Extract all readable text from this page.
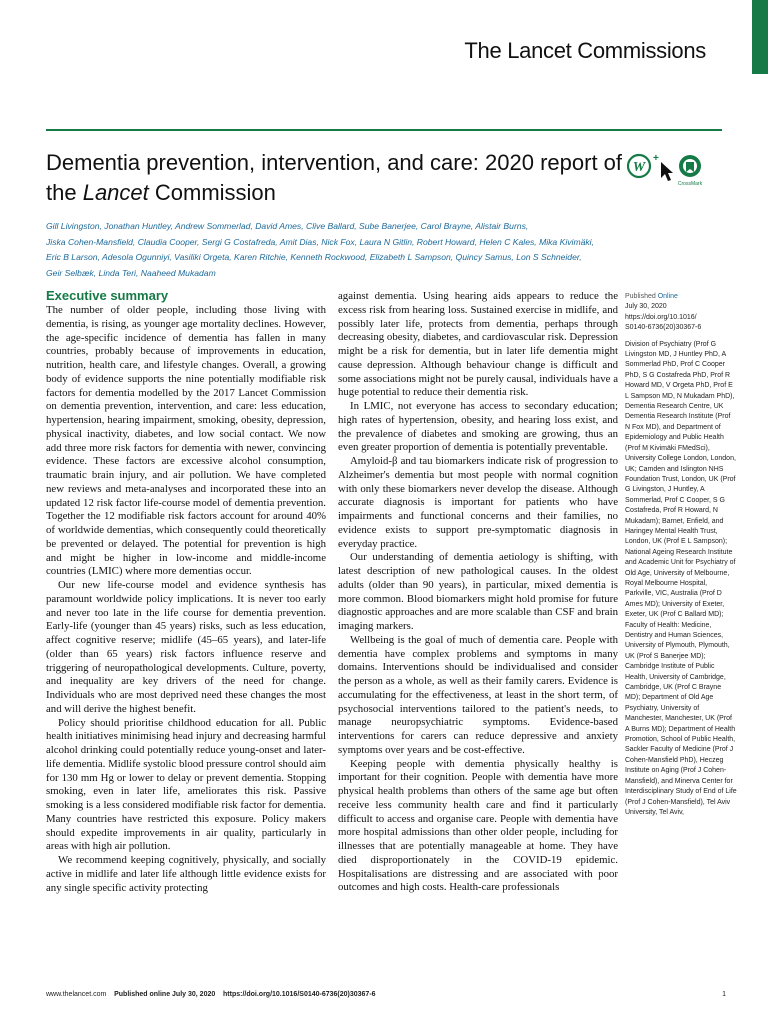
The Lancet Commissions
Dementia prevention, intervention, and care: 2020 report of the Lancet Commission
W
+
CrossMark
Gill Livingston, Jonathan Huntley, Andrew Sommerlad, David Ames, Clive Ballard, Sube Banerjee, Carol Brayne, Alistair Burns,
Jiska Cohen-Mansfield, Claudia Cooper, Sergi G Costafreda, Amit Dias, Nick Fox, Laura N Gitlin, Robert Howard, Helen C Kales, Mika Kivimäki,
Eric B Larson, Adesola Ogunniyi, Vasiliki Orgeta, Karen Ritchie, Kenneth Rockwood, Elizabeth L Sampson, Quincy Samus, Lon S Schneider,
Geir Selbæk, Linda Teri, Naaheed Mukadam
Executive summary

The number of older people, including those living with dementia, is rising, as younger age mortality declines. However, the age-specific incidence of dementia has fallen in many countries, probably because of improvements in education, nutrition, health care, and lifestyle changes. Overall, a growing body of evidence supports the nine potentially modifiable risk factors for dementia modelled by the 2017 Lancet Commission on dementia prevention, intervention, and care: less education, hypertension, hearing impairment, smoking, obesity, depression, physical inactivity, diabetes, and low social contact. We now add three more risk factors for dementia with newer, convincing evidence. These factors are excessive alcohol consumption, traumatic brain injury, and air pollution. We have completed new reviews and meta-analyses and incorporated these into an updated 12 risk factor life-course model of dementia prevention. Together the 12 modifiable risk factors account for around 40% of worldwide dementias, which consequently could theoretically be prevented or delayed. The potential for prevention is high and might be higher in low-income and middle-income countries (LMIC) where more dementias occur.

Our new life-course model and evidence synthesis has paramount worldwide policy implications. It is never too early and never too late in the life course for dementia prevention. Early-life (younger than 45 years) risks, such as less education, affect cognitive reserve; midlife (45–65 years), and later-life (older than 65 years) risk factors influence reserve and triggering of neuropathological developments. Culture, poverty, and inequality are key drivers of the need for change. Individuals who are most deprived need these changes the most and will derive the highest benefit.

Policy should prioritise childhood education for all. Public health initiatives minimising head injury and decreasing harmful alcohol drinking could potentially reduce young-onset and later-life dementia. Midlife systolic blood pressure control should aim for 130 mm Hg or lower to delay or prevent dementia. Stopping smoking, even in later life, ameliorates this risk. Passive smoking is a less considered modifiable risk factor for dementia. Many countries have restricted this exposure. Policy makers should expedite improvements in air quality, particularly in areas with high air pollution.

We recommend keeping cognitively, physically, and socially active in midlife and later life although little evidence exists for any single specific activity protecting

against dementia. Using hearing aids appears to reduce the excess risk from hearing loss. Sustained exercise in midlife, and possibly later life, protects from dementia, perhaps through decreasing obesity, diabetes, and cardiovascular risk. Depression might be a risk for dementia, but in later life dementia might cause depression. Although behaviour change is difficult and some associations might not be purely causal, individuals have a huge potential to reduce their dementia risk.

In LMIC, not everyone has access to secondary education; high rates of hypertension, obesity, and hearing loss exist, and the prevalence of diabetes and smoking are growing, thus an even greater proportion of dementia is potentially preventable.

Amyloid-β and tau biomarkers indicate risk of progression to Alzheimer's dementia but most people with normal cognition with only these biomarkers never develop the disease. Although accurate diagnosis is important for patients who have impairments and functional concerns and their families, no evidence exists to support pre-symptomatic diagnosis in everyday practice.

Our understanding of dementia aetiology is shifting, with latest description of new pathological causes. In the oldest adults (older than 90 years), in particular, mixed dementia is more common. Blood biomarkers might hold promise for future diagnostic approaches and are more scalable than CSF and brain imaging markers.

Wellbeing is the goal of much of dementia care. People with dementia have complex problems and symptoms in many domains. Interventions should be individualised and consider the person as a whole, as well as their family carers. Evidence is accumulating for the effectiveness, at least in the short term, of psychosocial interventions tailored to the patient's needs, to manage neuropsychiatric symptoms. Evidence-based interventions for carers can reduce depressive and anxiety symptoms over years and be cost-effective.

Keeping people with dementia physically healthy is important for their cognition. People with dementia have more physical health problems than others of the same age but often receive less community health care and find it particularly difficult to access and organise care. People with dementia have more hospital admissions than other older people, including for illnesses that are potentially manageable at home. They have died disproportionately in the COVID-19 epidemic. Hospitalisations are distressing and are associated with poor outcomes and high costs. Health-care professionals

Published Online
July 30, 2020
https://doi.org/10.1016/
S0140-6736(20)30367-6
Division of Psychiatry (Prof G Livingston MD, J Huntley PhD, A Sommerlad PhD, Prof C Cooper PhD, S G Costafreda PhD, Prof R Howard MD, V Orgeta PhD, Prof E L Sampson MD, N Mukadam PhD), Dementia Research Centre, UK Dementia Research Institute (Prof N Fox MD), and Department of Epidemiology and Public Health (Prof M Kivimäki FMedSci), University College London, London, UK; Camden and Islington NHS Foundation Trust, London, UK (Prof G Livingston, J Huntley, A Sommerlad, Prof C Cooper, S G Costafreda, Prof R Howard, N Mukadam); Barnet, Enfield, and Haringey Mental Health Trust, London, UK (Prof E L Sampson); National Ageing Research Institute and Academic Unit for Psychiatry of Old Age, University of Melbourne, Royal Melbourne Hospital, Parkville, VIC, Australia (Prof D Ames MD); University of Exeter, Exeter, UK (Prof C Ballard MD); Faculty of Health: Medicine, Dentistry and Human Sciences, University of Plymouth, Plymouth, UK (Prof S Banerjee MD); Cambridge Institute of Public Health, University of Cambridge, Cambridge, UK (Prof C Brayne MD); Department of Old Age Psychiatry, University of Manchester, Manchester, UK (Prof A Burns MD); Department of Health Promotion, School of Public Health, Sackler Faculty of Medicine (Prof J Cohen-Mansfield PhD), Heczeg Institute on Aging (Prof J Cohen-Mansfield), and Minerva Center for Interdisciplinary Study of End of Life (Prof J Cohen-Mansfield), Tel Aviv University, Tel Aviv,
www.thelancet.com Published online July 30, 2020 https://doi.org/10.1016/S0140-6736(20)30367-6	1
